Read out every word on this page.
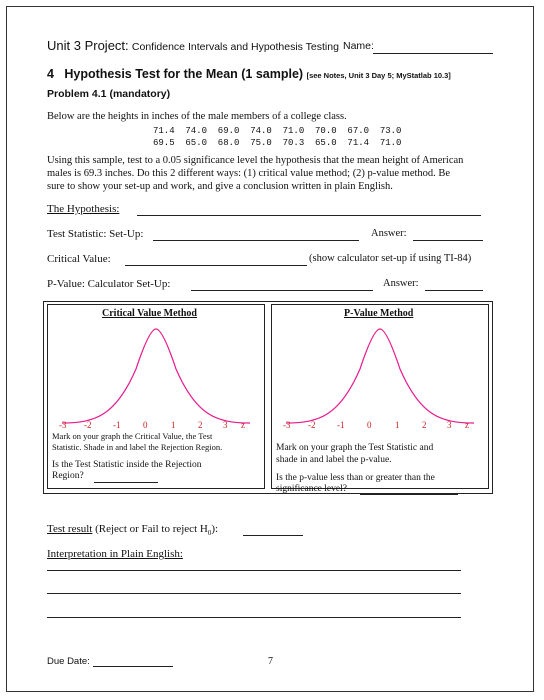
Unit 3 Project: Confidence Intervals and Hypothesis Testing Name:
4 Hypothesis Test for the Mean (1 sample) [see Notes, Unit 3 Day 5; MyStatlab 10.3]
Problem 4.1 (mandatory)
Below are the heights in inches of the male members of a college class.
71.4  74.0  69.0  74.0  71.0  70.0  67.0  73.0
69.5  65.0  68.0  75.0  70.3  65.0  71.4  71.0
Using this sample, test to a 0.05 significance level the hypothesis that the mean height of American
males is 69.3 inches. Do this 2 different ways: (1) critical value method; (2) p-value method. Be
sure to show your set-up and work, and give a conclusion written in plain English.
The Hypothesis:
Test Statistic: Set-Up:	Answer:
Critical Value:	(show calculator set-up if using TI-84)
P-Value: Calculator Set-Up:	Answer:
Critical Value Method
-3 -2 -1	0	1	2 3 z
Mark on your graph the Critical Value, the Test
Statistic. Shade in and label the Rejection Region.
Is the Test Statistic inside the Rejection
Region?
P-Value Method
-3 -2 -1	0	1	2 3 z
Mark on your graph the Test Statistic and
shade in and label the p-value.
Is the p-value less than or greater than the
significance level?
Test result (Reject or Fail to reject $H_0$):
Interpretation in Plain English:
Due Date:	7
